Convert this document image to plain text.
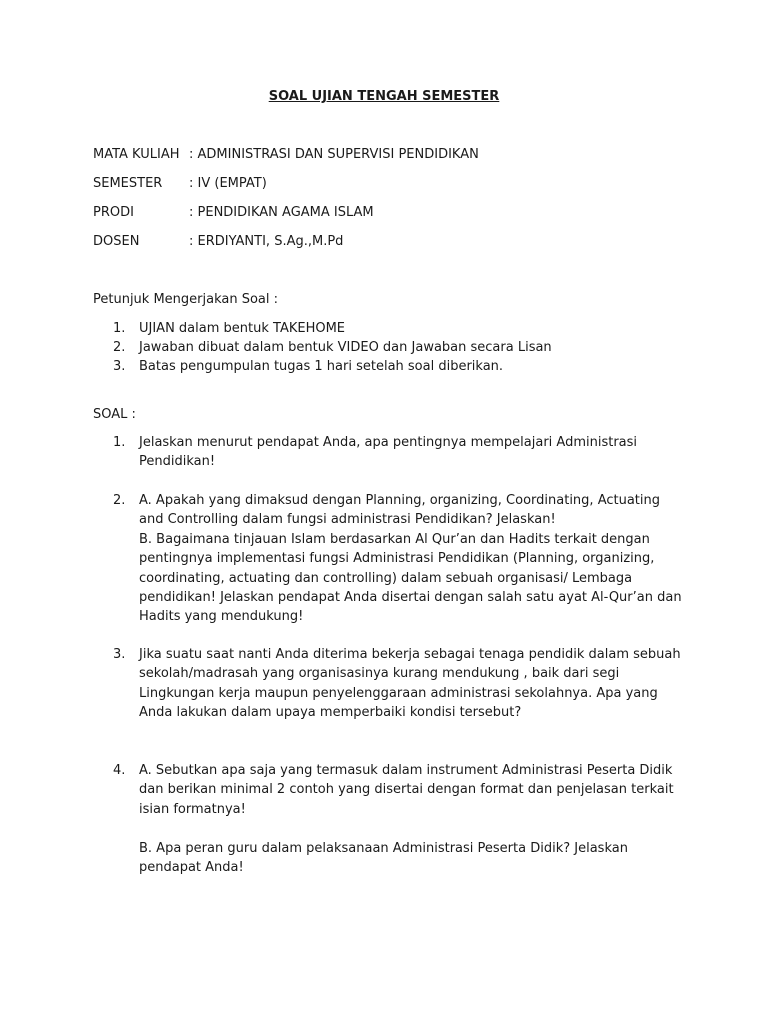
SOAL UJIAN TENGAH SEMESTER
MATA KULIAH : ADMINISTRASI DAN SUPERVISI PENDIDIKAN
SEMESTER : IV (EMPAT)
PRODI	: PENDIDIKAN AGAMA ISLAM
DOSEN	: ERDIYANTI, S.Ag.,M.Pd
Petunjuk Mengerjakan Soal :
1.	UJIAN dalam bentuk TAKEHOME
2.	Jawaban dibuat dalam bentuk VIDEO dan Jawaban secara Lisan
3.	Batas pengumpulan tugas 1 hari setelah soal diberikan.
SOAL :
1.	Jelaskan menurut pendapat Anda, apa pentingnya mempelajari Administrasi Pendidikan!

2.	A. Apakah yang dimaksud dengan Planning, organizing, Coordinating, Actuating and Controlling dalam fungsi administrasi Pendidikan? Jelaskan!

B. Bagaimana tinjauan Islam berdasarkan Al Qur’an dan Hadits terkait dengan pentingnya implementasi fungsi Administrasi Pendidikan (Planning, organizing, coordinating, actuating dan controlling) dalam sebuah organisasi/ Lembaga pendidikan! Jelaskan pendapat Anda disertai dengan salah satu ayat Al-Qur’an dan Hadits yang mendukung!

3.	Jika suatu saat nanti Anda diterima bekerja sebagai tenaga pendidik dalam sebuah sekolah/madrasah yang organisasinya kurang mendukung , baik dari segi Lingkungan kerja maupun penyelenggaraan administrasi sekolahnya. Apa yang Anda lakukan dalam upaya memperbaiki kondisi tersebut?

4.	A. Sebutkan apa saja yang termasuk dalam instrument Administrasi Peserta Didik dan berikan minimal 2 contoh yang disertai dengan format dan penjelasan terkait isian formatnya!

B. Apa peran guru dalam pelaksanaan Administrasi Peserta Didik? Jelaskan pendapat Anda!
